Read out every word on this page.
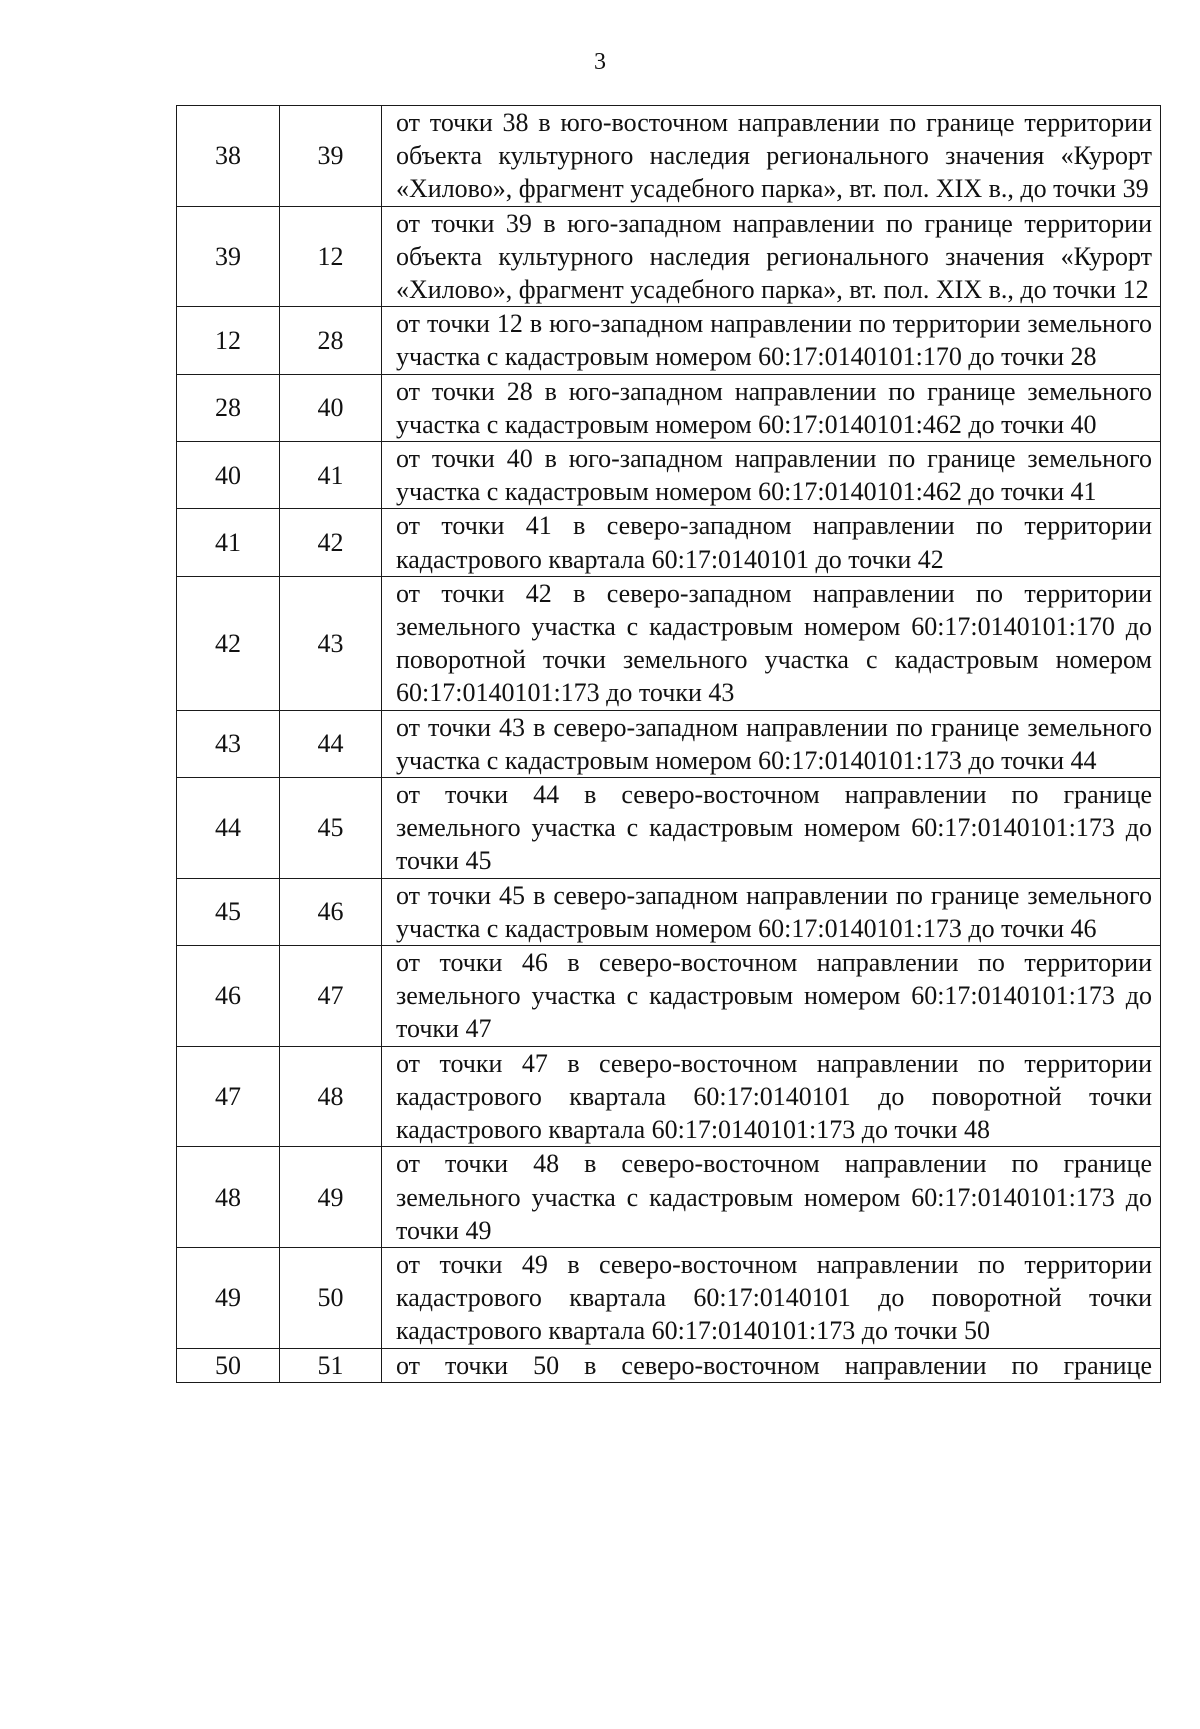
3
38	39	от точки 38 в юго-восточном направлении по границе территории объекта культурного наследия регионального значения «Курорт «Хилово», фрагмент усадебного парка», вт. пол. XIX в., до точки 39
39	12	от точки 39 в юго-западном направлении по границе территории объекта культурного наследия регионального значения «Курорт «Хилово», фрагмент усадебного парка», вт. пол. XIX в., до точки 12
12	28	от точки 12 в юго-западном направлении по территории земельного участка с кадастровым номером 60:17:0140101:170 до точки 28
28	40	от точки 28 в юго-западном направлении по границе земельного участка с кадастровым номером 60:17:0140101:462 до точки 40
40	41	от точки 40 в юго-западном направлении по границе земельного участка с кадастровым номером 60:17:0140101:462 до точки 41
41	42	от точки 41 в северо-западном направлении по территории кадастрового квартала 60:17:0140101 до точки 42
42	43	от точки 42 в северо-западном направлении по территории земельного участка с кадастровым номером 60:17:0140101:170 до поворотной точки земельного участка с кадастровым номером 60:17:0140101:173 до точки 43
43	44	от точки 43 в северо-западном направлении по границе земельного участка с кадастровым номером 60:17:0140101:173 до точки 44
44	45	от точки 44 в северо-восточном направлении по границе земельного участка с кадастровым номером 60:17:0140101:173 до точки 45
45	46	от точки 45 в северо-западном направлении по границе земельного участка с кадастровым номером 60:17:0140101:173 до точки 46
46	47	от точки 46 в северо-восточном направлении по территории земельного участка с кадастровым номером 60:17:0140101:173 до точки 47
47	48	от точки 47 в северо-восточном направлении по территории кадастрового квартала 60:17:0140101 до поворотной точки кадастрового квартала 60:17:0140101:173 до точки 48
48	49	от точки 48 в северо-восточном направлении по границе земельного участка с кадастровым номером 60:17:0140101:173 до точки 49
49	50	от точки 49 в северо-восточном направлении по территории кадастрового квартала 60:17:0140101 до поворотной точки кадастрового квартала 60:17:0140101:173 до точки 50
50	51	от точки 50 в северо-восточном направлении по границе
